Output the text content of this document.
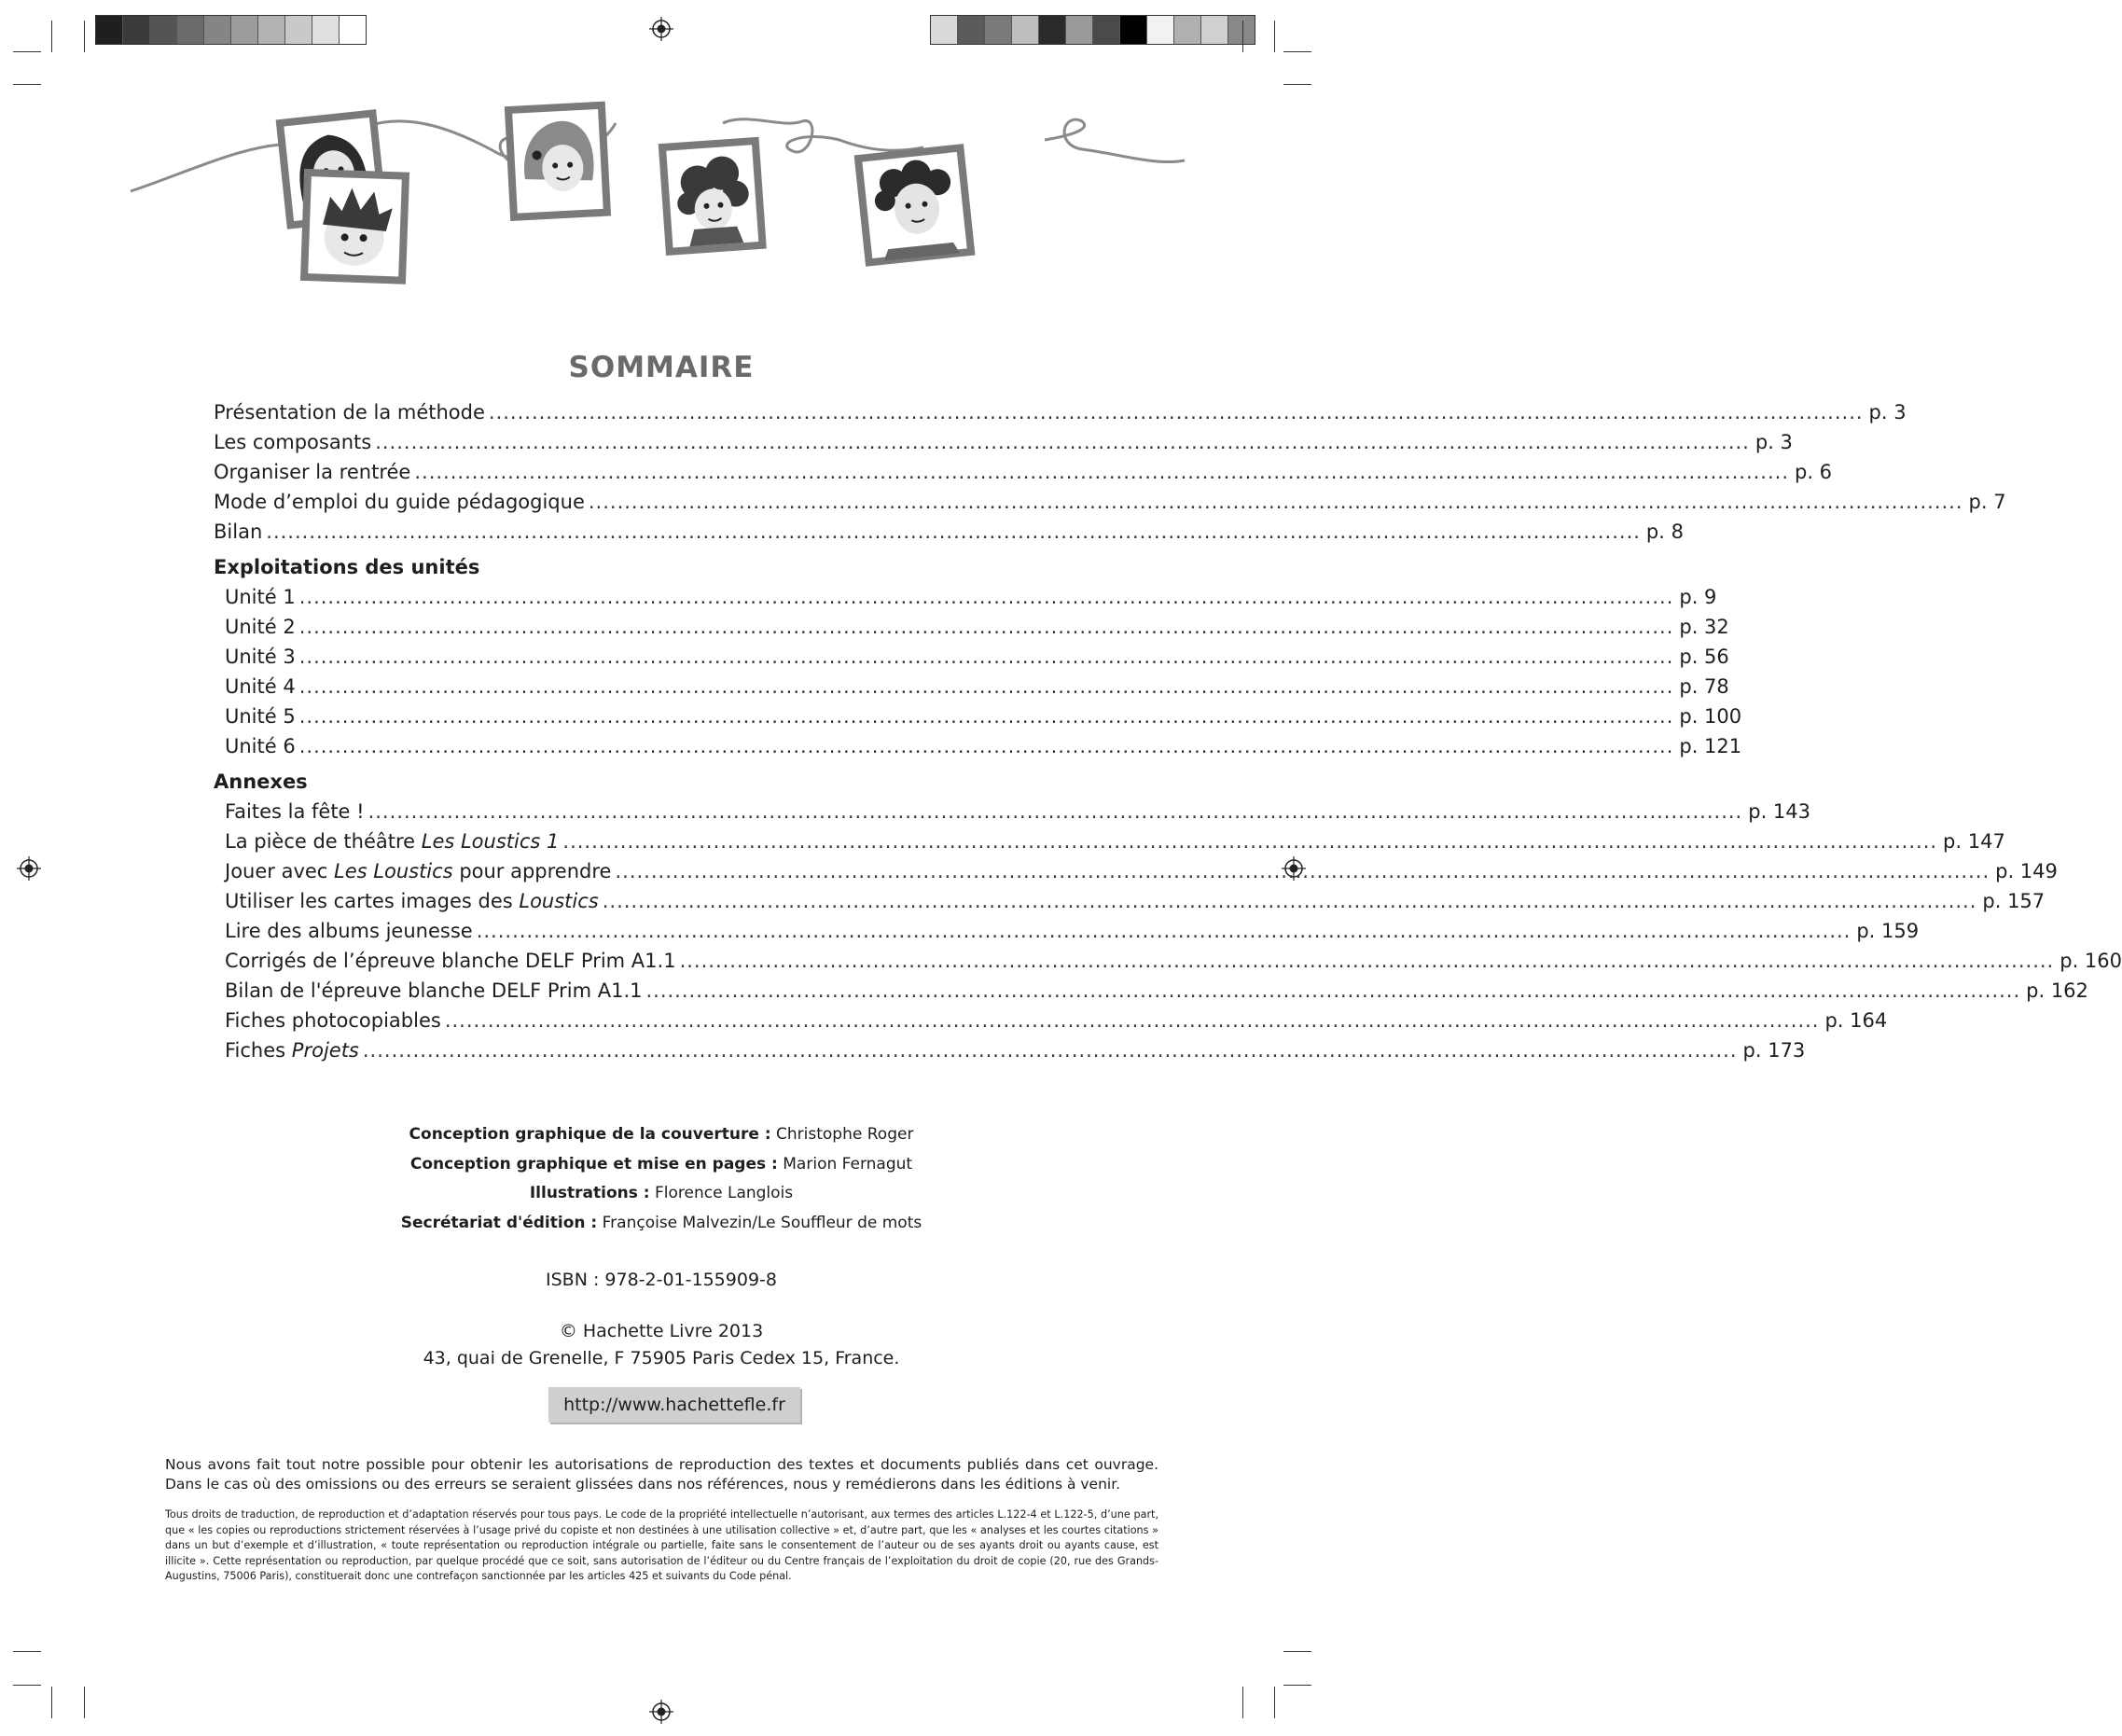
SOMMAIRE
Présentation de la méthode ................................................................................................................................................................................................ p. 3
Les composants ................................................................................................................................................................................................ p. 3
Organiser la rentrée ................................................................................................................................................................................................ p. 6
Mode d’emploi du guide pédagogique ................................................................................................................................................................................................ p. 7
Bilan ................................................................................................................................................................................................ p. 8
Exploitations des unités
Unité 1 ................................................................................................................................................................................................ p. 9
Unité 2 ................................................................................................................................................................................................ p. 32
Unité 3 ................................................................................................................................................................................................ p. 56
Unité 4 ................................................................................................................................................................................................ p. 78
Unité 5 ................................................................................................................................................................................................ p. 100
Unité 6 ................................................................................................................................................................................................ p. 121
Annexes
Faites la fête ! ................................................................................................................................................................................................ p. 143
La pièce de théâtre Les Loustics 1 ................................................................................................................................................................................................ p. 147
Jouer avec Les Loustics pour apprendre ................................................................................................................................................................................................ p. 149
Utiliser les cartes images des Loustics ................................................................................................................................................................................................ p. 157
Lire des albums jeunesse ................................................................................................................................................................................................ p. 159
Corrigés de l’épreuve blanche DELF Prim A1.1 ................................................................................................................................................................................................ p. 160
Bilan de l'épreuve blanche DELF Prim A1.1 ................................................................................................................................................................................................ p. 162
Fiches photocopiables ................................................................................................................................................................................................ p. 164
Fiches Projets ................................................................................................................................................................................................ p. 173
Conception graphique de la couverture : Christophe Roger
Conception graphique et mise en pages : Marion Fernagut
Illustrations : Florence Langlois
Secrétariat d'édition : Françoise Malvezin/Le Souffleur de mots
ISBN : 978-2-01-155909-8
© Hachette Livre 2013
43, quai de Grenelle, F 75905 Paris Cedex 15, France.
http://www.hachettefle.fr
Nous avons fait tout notre possible pour obtenir les autorisations de reproduction des textes et documents publiés dans cet ouvrage. Dans le cas où des omissions ou des erreurs se seraient glissées dans nos références, nous y remédierons dans les éditions à venir.
Tous droits de traduction, de reproduction et d’adaptation réservés pour tous pays. Le code de la propriété intellectuelle n’autorisant, aux termes des articles L.122-4 et L.122-5, d’une part, que « les copies ou reproductions strictement réservées à l’usage privé du copiste et non destinées à une utilisation collective » et, d’autre part, que les « analyses et les courtes citations » dans un but d’exemple et d’illustration, « toute représentation ou reproduction intégrale ou partielle, faite sans le consentement de l’auteur ou de ses ayants droit ou ayants cause, est illicite ». Cette représentation ou reproduction, par quelque procédé que ce soit, sans autorisation de l’éditeur ou du Centre français de l’exploitation du droit de copie (20, rue des Grands-Augustins, 75006 Paris), constituerait donc une contrefaçon sanctionnée par les articles 425 et suivants du Code pénal.
